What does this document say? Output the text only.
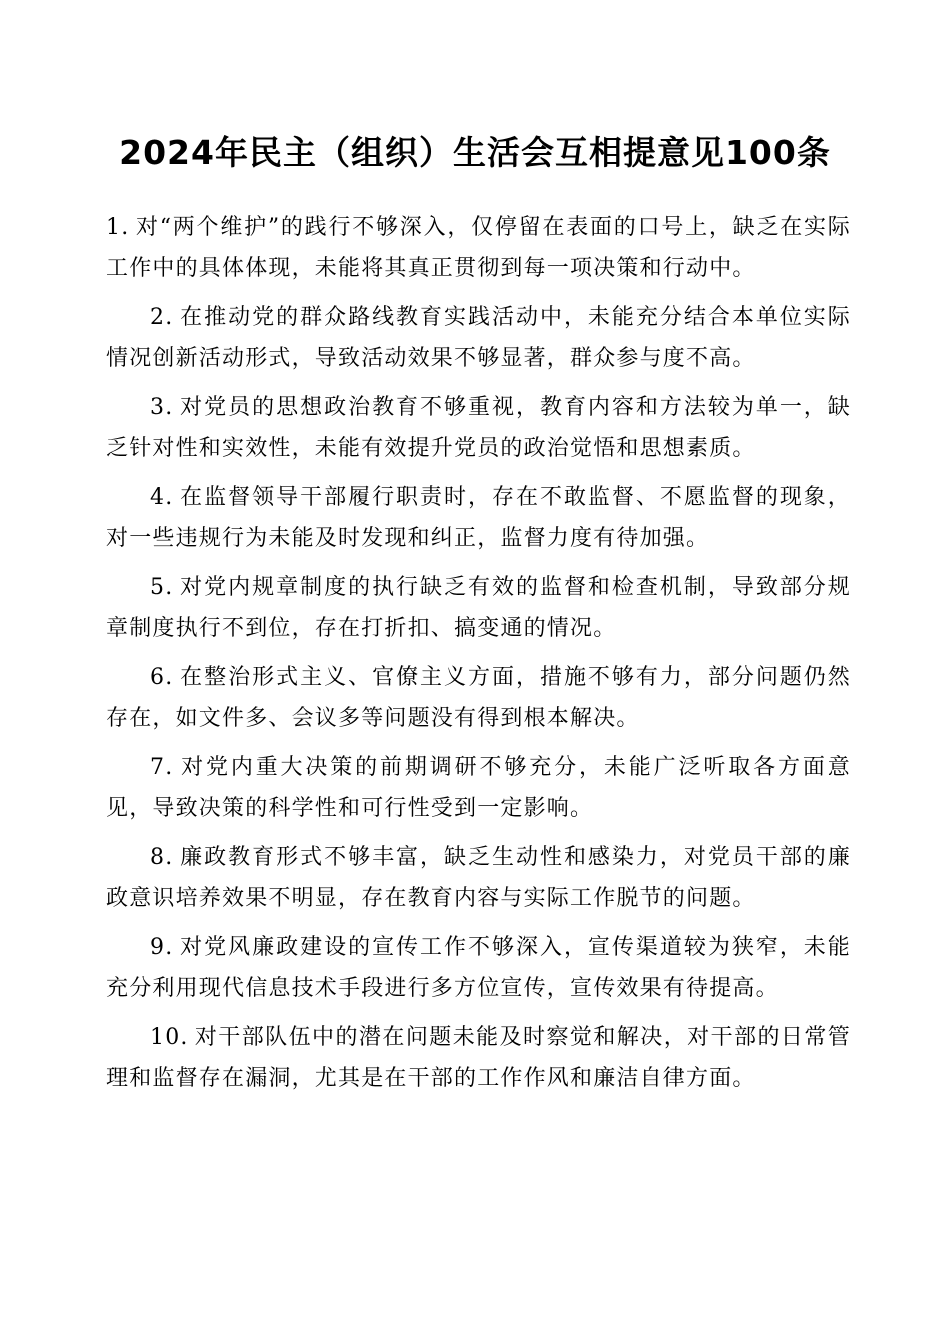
2024年民主（组织）生活会互相提意见100条

1. 对“两个维护”的践行不够深入，仅停留在表面的口号上，缺乏在实际工作中的具体体现，未能将其真正贯彻到每一项决策和行动中。

2. 在推动党的群众路线教育实践活动中，未能充分结合本单位实际情况创新活动形式，导致活动效果不够显著，群众参与度不高。

3. 对党员的思想政治教育不够重视，教育内容和方法较为单一，缺乏针对性和实效性，未能有效提升党员的政治觉悟和思想素质。

4. 在监督领导干部履行职责时，存在不敢监督、不愿监督的现象，对一些违规行为未能及时发现和纠正，监督力度有待加强。

5. 对党内规章制度的执行缺乏有效的监督和检查机制，导致部分规章制度执行不到位，存在打折扣、搞变通的情况。

6. 在整治形式主义、官僚主义方面，措施不够有力，部分问题仍然存在，如文件多、会议多等问题没有得到根本解决。

7. 对党内重大决策的前期调研不够充分，未能广泛听取各方面意见，导致决策的科学性和可行性受到一定影响。

8. 廉政教育形式不够丰富，缺乏生动性和感染力，对党员干部的廉政意识培养效果不明显，存在教育内容与实际工作脱节的问题。

9. 对党风廉政建设的宣传工作不够深入，宣传渠道较为狭窄，未能充分利用现代信息技术手段进行多方位宣传，宣传效果有待提高。

10. 对干部队伍中的潜在问题未能及时察觉和解决，对干部的日常管理和监督存在漏洞，尤其是在干部的工作作风和廉洁自律方面。
